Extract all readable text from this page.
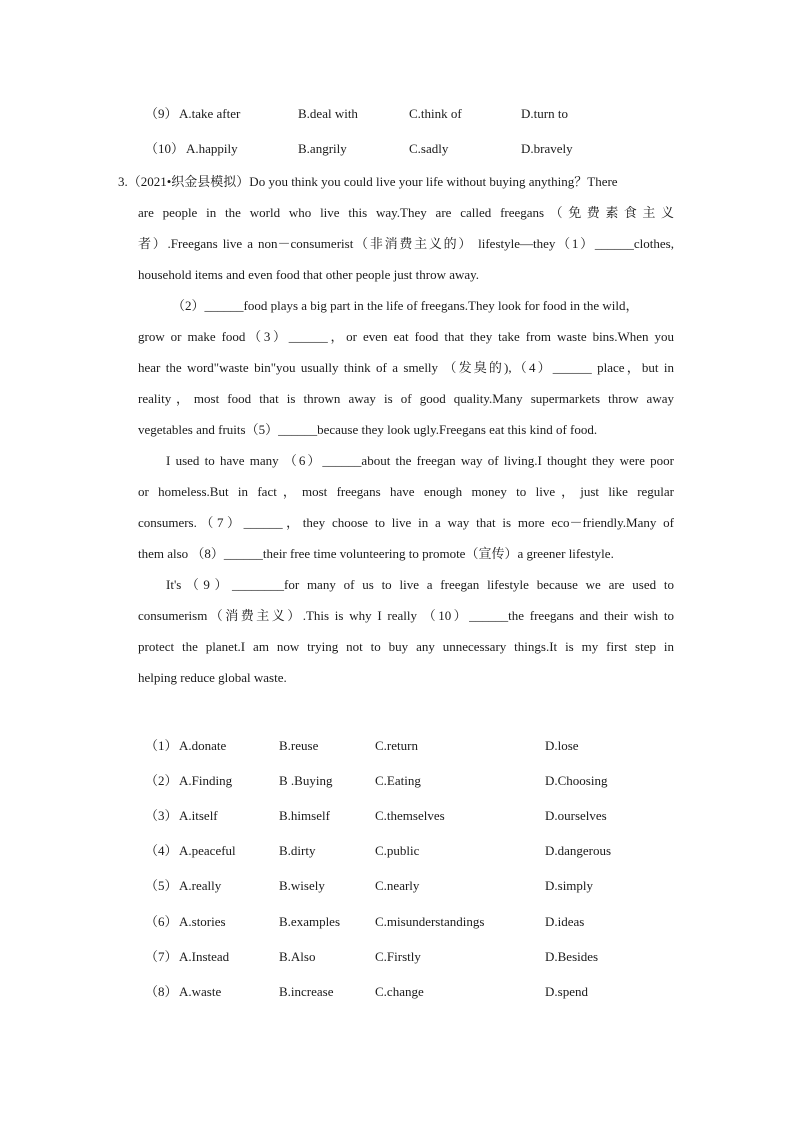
（9） A.take after	B.deal with	C.think of	D.turn to
（10） A.happily	B.angrily	C.sadly	D.bravely
3.（2021•织金县模拟）Do you think you could live your life without buying anything？There
are people in the world who live this way.They are called freegans（免费素食主义
者）.Freegans live a non－consumerist（非消费主义的） lifestyle—they（1）______clothes,
household items and even food that other people just throw away.
（2）______food plays a big part in the life of freegans.They look for food in the wild，
grow or make food（3）______，or even eat food that they take from waste bins.When you
hear the word"waste bin"you usually think of a smelly （发臭的),（4）______ place，but in
reality，most food that is thrown away is of good quality.Many supermarkets throw away
vegetables and fruits（5）______because they look ugly.Freegans eat this kind of food.
I used to have many （6）______about the freegan way of living.I thought they were poor
or homeless.But in fact，most freegans have enough money to live，just like regular
consumers.（7）______，they choose to live in a way that is more eco－friendly.Many of
them also （8）______their free time volunteering to promote（宣传）a greener lifestyle.
It's（9）________for many of us to live a freegan lifestyle because we are used to
consumerism（消费主义）.This is why I really （10）______the freegans and their wish to
protect the planet.I am now trying not to buy any unnecessary things.It is my first step in
helping reduce global waste.
（1） A.donate	B.reuse	C.return	D.lose
（2） A.Finding	B .Buying	C.Eating	D.Choosing
（3） A.itself	B.himself	C.themselves	D.ourselves
（4） A.peaceful	B.dirty	C.public	D.dangerous
（5） A.really	B.wisely	C.nearly	D.simply
（6） A.stories	B.examples	C.misunderstandings	D.ideas
（7） A.Instead	B.Also	C.Firstly	D.Besides
（8） A.waste	B.increase	C.change	D.spend
